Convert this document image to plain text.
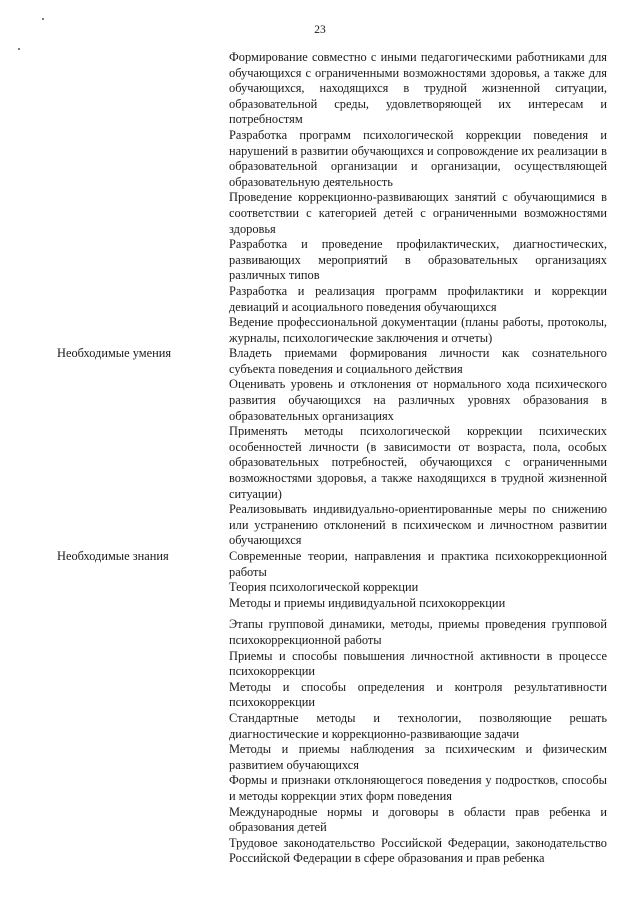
23

Формирование совместно с иными педагогическими работниками для обучающихся с ограниченными возможностями здоровья, а также для обучающихся, находящихся в трудной жизненной ситуации, образовательной среды, удовлетворяющей их интересам и потребностям

Разработка программ психологической коррекции поведения и нарушений в развитии обучающихся и сопровождение их реализации в образовательной организации и организации, осуществляющей образовательную деятельность

Проведение коррекционно-развивающих занятий с обучающимися в соответствии с категорией детей с ограниченными возможностями здоровья

Разработка и проведение профилактических, диагностических, развивающих мероприятий в образовательных организациях различных типов

Разработка и реализация программ профилактики и коррекции девиаций и асоциального поведения обучающихся

Ведение профессиональной документации (планы работы, протоколы, журналы, психологические заключения и отчеты)

Необходимые умения	Владеть приемами формирования личности как сознательного субъекта поведения и социального действия

Оценивать уровень и отклонения от нормального хода психического развития обучающихся на различных уровнях образования в образовательных организациях

Применять методы психологической коррекции психических особенностей личности (в зависимости от возраста, пола, особых образовательных потребностей, обучающихся с ограниченными возможностями здоровья, а также находящихся в трудной жизненной ситуации)

Реализовывать индивидуально-ориентированные меры по снижению или устранению отклонений в психическом и личностном развитии обучающихся

Необходимые знания	Современные теории, направления и практика психокоррекционной работы

Теория психологической коррекции

Методы и приемы индивидуальной психокоррекции

Этапы групповой динамики, методы, приемы проведения групповой психокоррекционной работы

Приемы и способы повышения личностной активности в процессе психокоррекции

Методы и способы определения и контроля результативности психокоррекции

Стандартные методы и технологии, позволяющие решать диагностические и коррекционно-развивающие задачи

Методы и приемы наблюдения за психическим и физическим развитием обучающихся

Формы и признаки отклоняющегося поведения у подростков, способы и методы коррекции этих форм поведения

Международные нормы и договоры в области прав ребенка и образования детей

Трудовое законодательство Российской Федерации, законодательство Российской Федерации в сфере образования и прав ребенка
